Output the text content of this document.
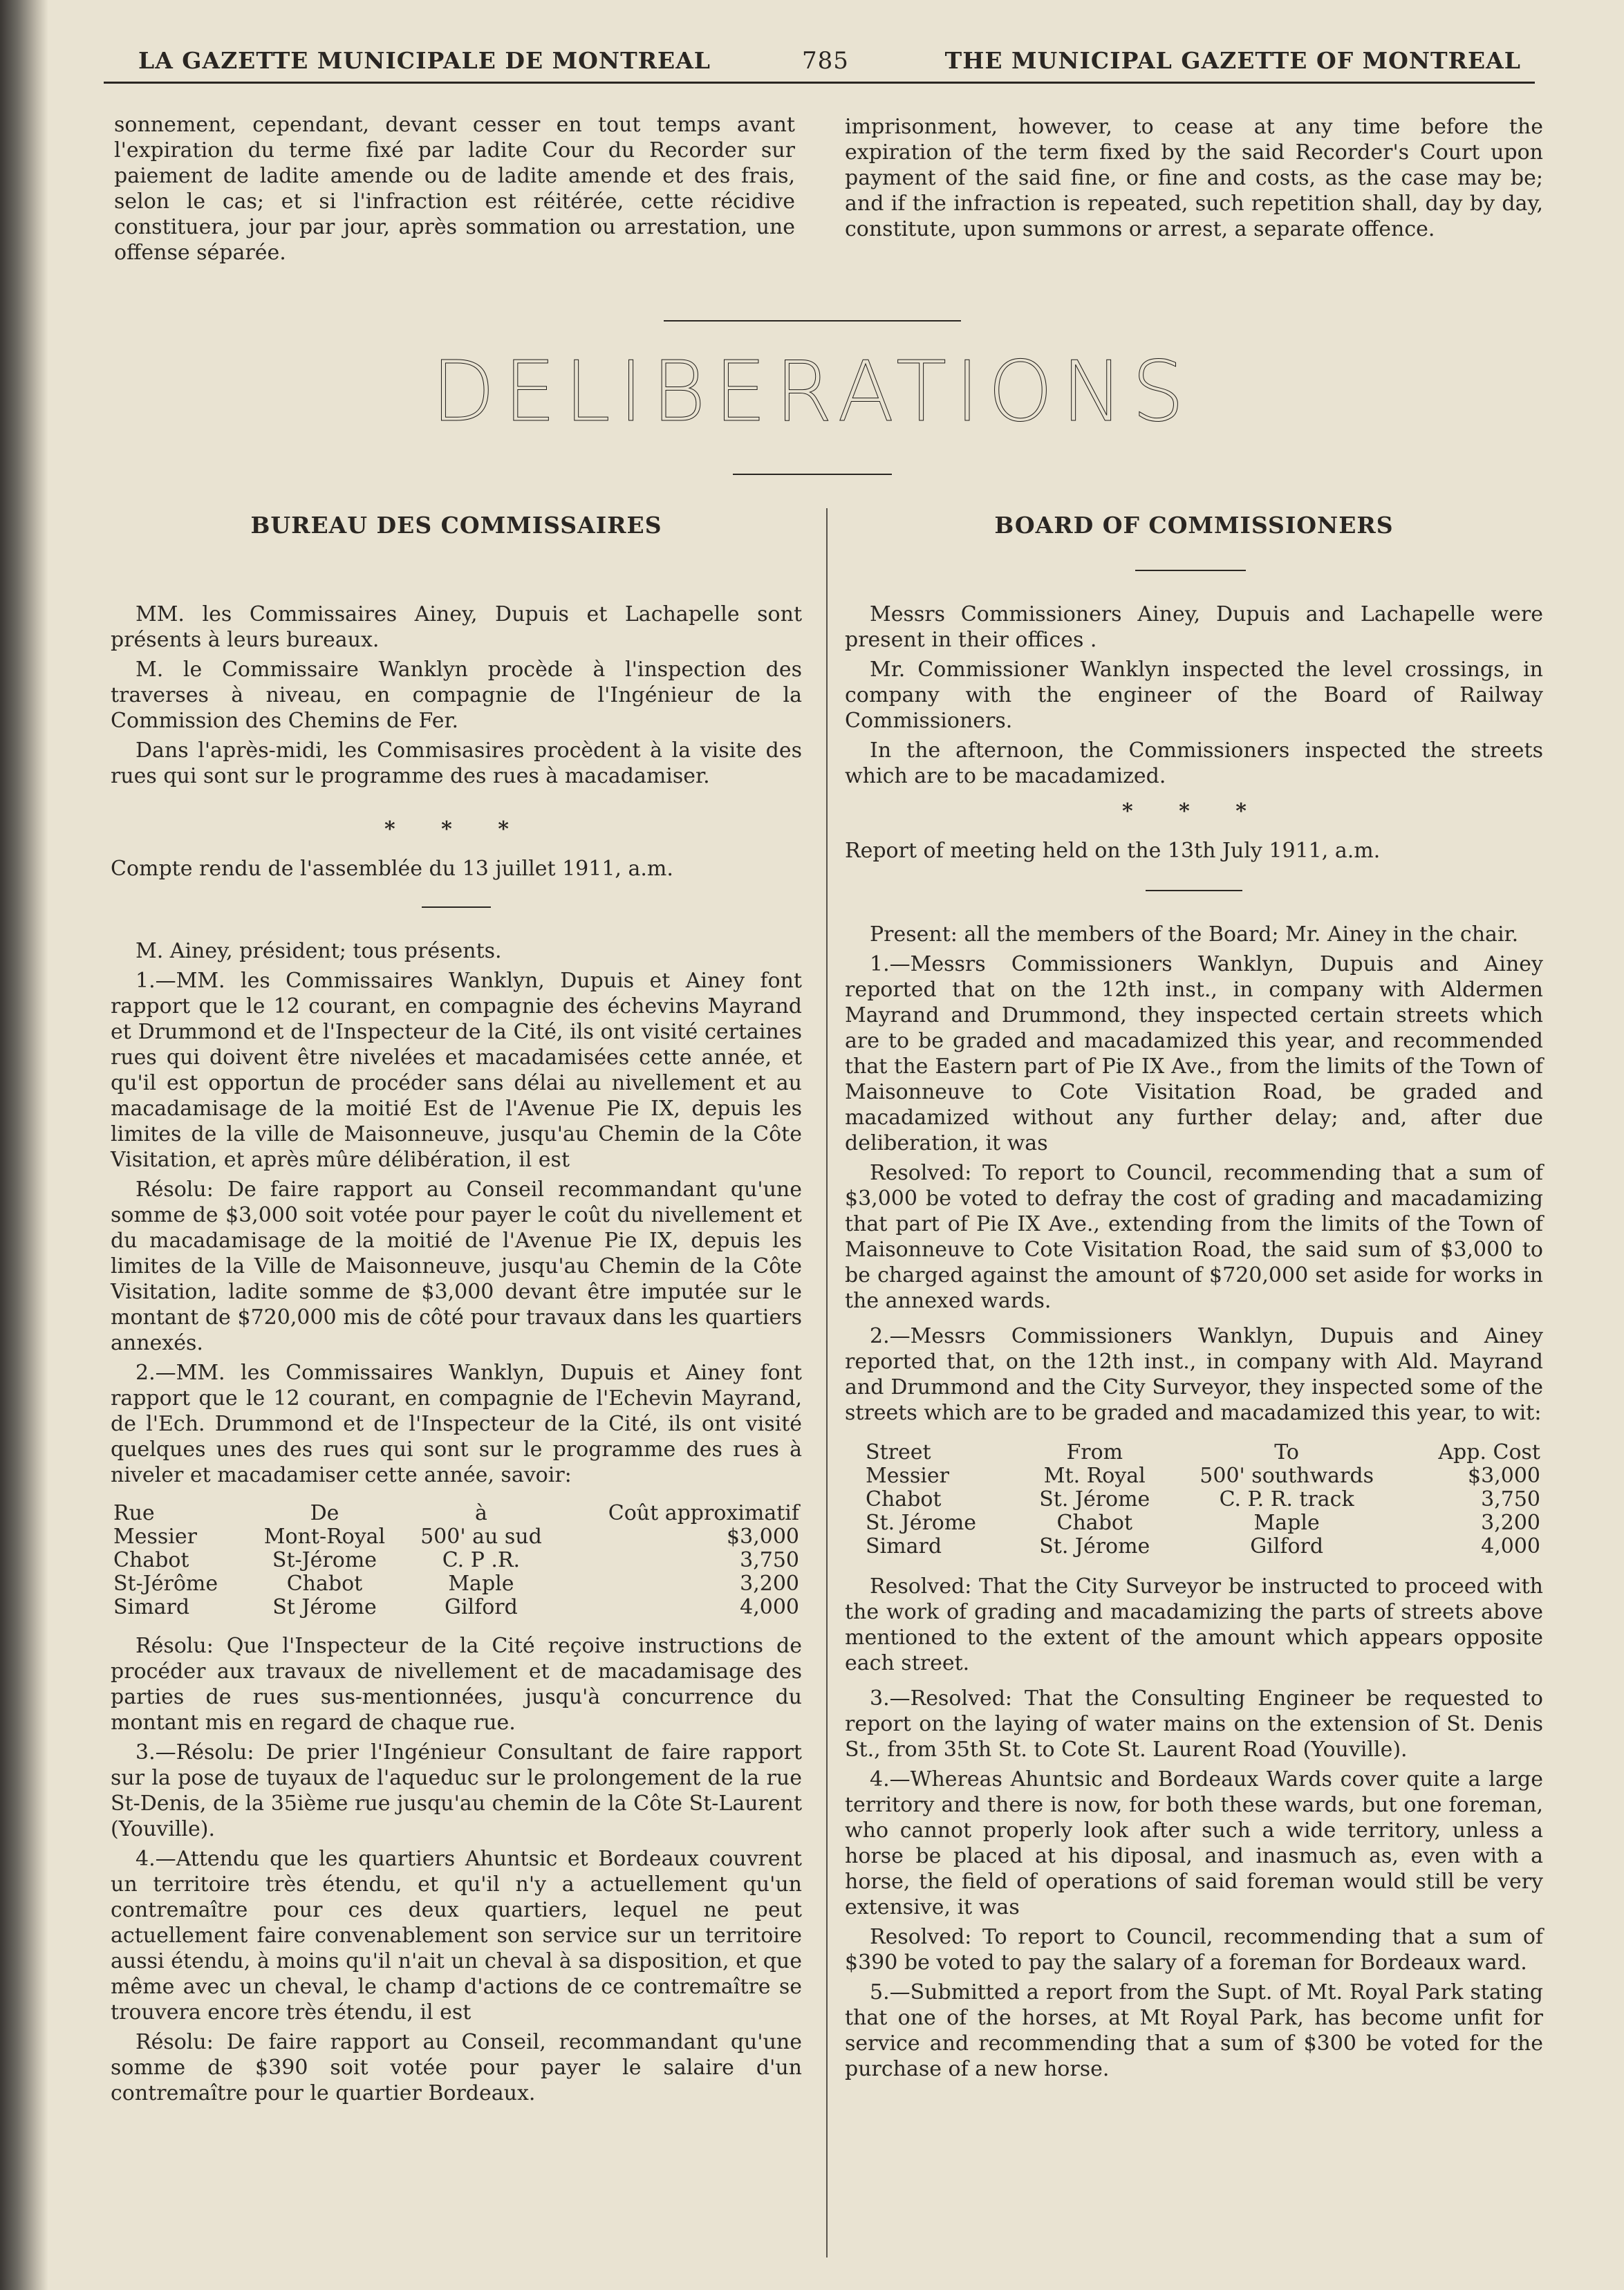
LA GAZETTE MUNICIPALE DE MONTREAL	785	THE MUNICIPAL GAZETTE OF MONTREAL
sonnement, cependant, devant cesser en tout temps avant l'expiration du terme fixé par ladite Cour du Recorder sur paiement de ladite amende ou de ladite amende et des frais, selon le cas; et si l'infraction est réitérée, cette récidive constituera, jour par jour, après sommation ou arrestation, une offense séparée.
imprisonment, however, to cease at any time before the expiration of the term fixed by the said Recorder's Court upon payment of the said fine, or fine and costs, as the case may be; and if the infraction is repeated, such repetition shall, day by day, constitute, upon summons or arrest, a separate offence.
DELIBERATIONS
BUREAU DES COMMISSAIRES

MM. les Commissaires Ainey, Dupuis et Lachapelle sont présents à leurs bureaux.

M. le Commissaire Wanklyn procède à l'inspection des traverses à niveau, en compagnie de l'Ingénieur de la Commission des Chemins de Fer.

Dans l'après-midi, les Commisasires procèdent à la visite des rues qui sont sur le programme des rues à macadamiser.

* * *

Compte rendu de l'assemblée du 13 juillet 1911, a.m.

M. Ainey, président; tous présents.

1.—MM. les Commissaires Wanklyn, Dupuis et Ainey font rapport que le 12 courant, en compagnie des échevins Mayrand et Drummond et de l'Inspecteur de la Cité, ils ont visité certaines rues qui doivent être nivelées et macadamisées cette année, et qu'il est opportun de procéder sans délai au nivellement et au macadamisage de la moitié Est de l'Avenue Pie IX, depuis les limites de la ville de Maisonneuve, jusqu'au Chemin de la Côte Visitation, et après mûre délibération, il est

Résolu: De faire rapport au Conseil recommandant qu'une somme de $3,000 soit votée pour payer le coût du nivellement et du macadamisage de la moitié de l'Avenue Pie IX, depuis les limites de la Ville de Maisonneuve, jusqu'au Chemin de la Côte Visitation, ladite somme de $3,000 devant être imputée sur le montant de $720,000 mis de côté pour travaux dans les quartiers annexés.

2.—MM. les Commissaires Wanklyn, Dupuis et Ainey font rapport que le 12 courant, en compagnie de l'Echevin Mayrand, de l'Ech. Drummond et de l'Inspecteur de la Cité, ils ont visité quelques unes des rues qui sont sur le programme des rues à niveler et macadamiser cette année, savoir:

Rue	De	à	Coût approximatif
Messier	Mont-Royal	500' au sud	$3,000
Chabot	St-Jérome	C. P .R.	3,750
St-Jérôme	Chabot	Maple	3,200
Simard	St Jérome	Gilford	4,000

Résolu: Que l'Inspecteur de la Cité reçoive instructions de procéder aux travaux de nivellement et de macadamisage des parties de rues sus-mentionnées, jusqu'à concurrence du montant mis en regard de chaque rue.

3.—Résolu: De prier l'Ingénieur Consultant de faire rapport sur la pose de tuyaux de l'aqueduc sur le prolongement de la rue St-Denis, de la 35ième rue jusqu'au chemin de la Côte St-Laurent (Youville).

4.—Attendu que les quartiers Ahuntsic et Bordeaux couvrent un territoire très étendu, et qu'il n'y a actuellement qu'un contremaître pour ces deux quartiers, lequel ne peut actuellement faire convenablement son service sur un territoire aussi étendu, à moins qu'il n'ait un cheval à sa disposition, et que même avec un cheval, le champ d'actions de ce contremaître se trouvera encore très étendu, il est

Résolu: De faire rapport au Conseil, recommandant qu'une somme de $390 soit votée pour payer le salaire d'un contremaître pour le quartier Bordeaux.

BOARD OF COMMISSIONERS

Messrs Commissioners Ainey, Dupuis and Lachapelle were present in their offices .

Mr. Commissioner Wanklyn inspected the level crossings, in company with the engineer of the Board of Railway Commissioners.

In the afternoon, the Commissioners inspected the streets which are to be macadamized.

* * *

Report of meeting held on the 13th July 1911, a.m.

Present: all the members of the Board; Mr. Ainey in the chair.

1.—Messrs Commissioners Wanklyn, Dupuis and Ainey reported that on the 12th inst., in company with Aldermen Mayrand and Drummond, they inspected certain streets which are to be graded and macadamized this year, and recommended that the Eastern part of Pie IX Ave., from the limits of the Town of Maisonneuve to Cote Visitation Road, be graded and macadamized without any further delay; and, after due deliberation, it was

Resolved: To report to Council, recommending that a sum of $3,000 be voted to defray the cost of grading and macadamizing that part of Pie IX Ave., extending from the limits of the Town of Maisonneuve to Cote Visitation Road, the said sum of $3,000 to be charged against the amount of $720,000 set aside for works in the annexed wards.

2.—Messrs Commissioners Wanklyn, Dupuis and Ainey reported that, on the 12th inst., in company with Ald. Mayrand and Drummond and the City Surveyor, they inspected some of the streets which are to be graded and macadamized this year, to wit:

Street	From	To	App. Cost
Messier	Mt. Royal	500' southwards	$3,000
Chabot	St. Jérome	C. P. R. track	3,750
St. Jérome	Chabot	Maple	3,200
Simard	St. Jérome	Gilford	4,000

Resolved: That the City Surveyor be instructed to proceed with the work of grading and macadamizing the parts of streets above mentioned to the extent of the amount which appears opposite each street.

3.—Resolved: That the Consulting Engineer be requested to report on the laying of water mains on the extension of St. Denis St., from 35th St. to Cote St. Laurent Road (Youville).

4.—Whereas Ahuntsic and Bordeaux Wards cover quite a large territory and there is now, for both these wards, but one foreman, who cannot properly look after such a wide territory, unless a horse be placed at his diposal, and inasmuch as, even with a horse, the field of operations of said foreman would still be very extensive, it was

Resolved: To report to Council, recommending that a sum of $390 be voted to pay the salary of a foreman for Bordeaux ward.

5.—Submitted a report from the Supt. of Mt. Royal Park stating that one of the horses, at Mt Royal Park, has become unfit for service and recommending that a sum of $300 be voted for the purchase of a new horse.
